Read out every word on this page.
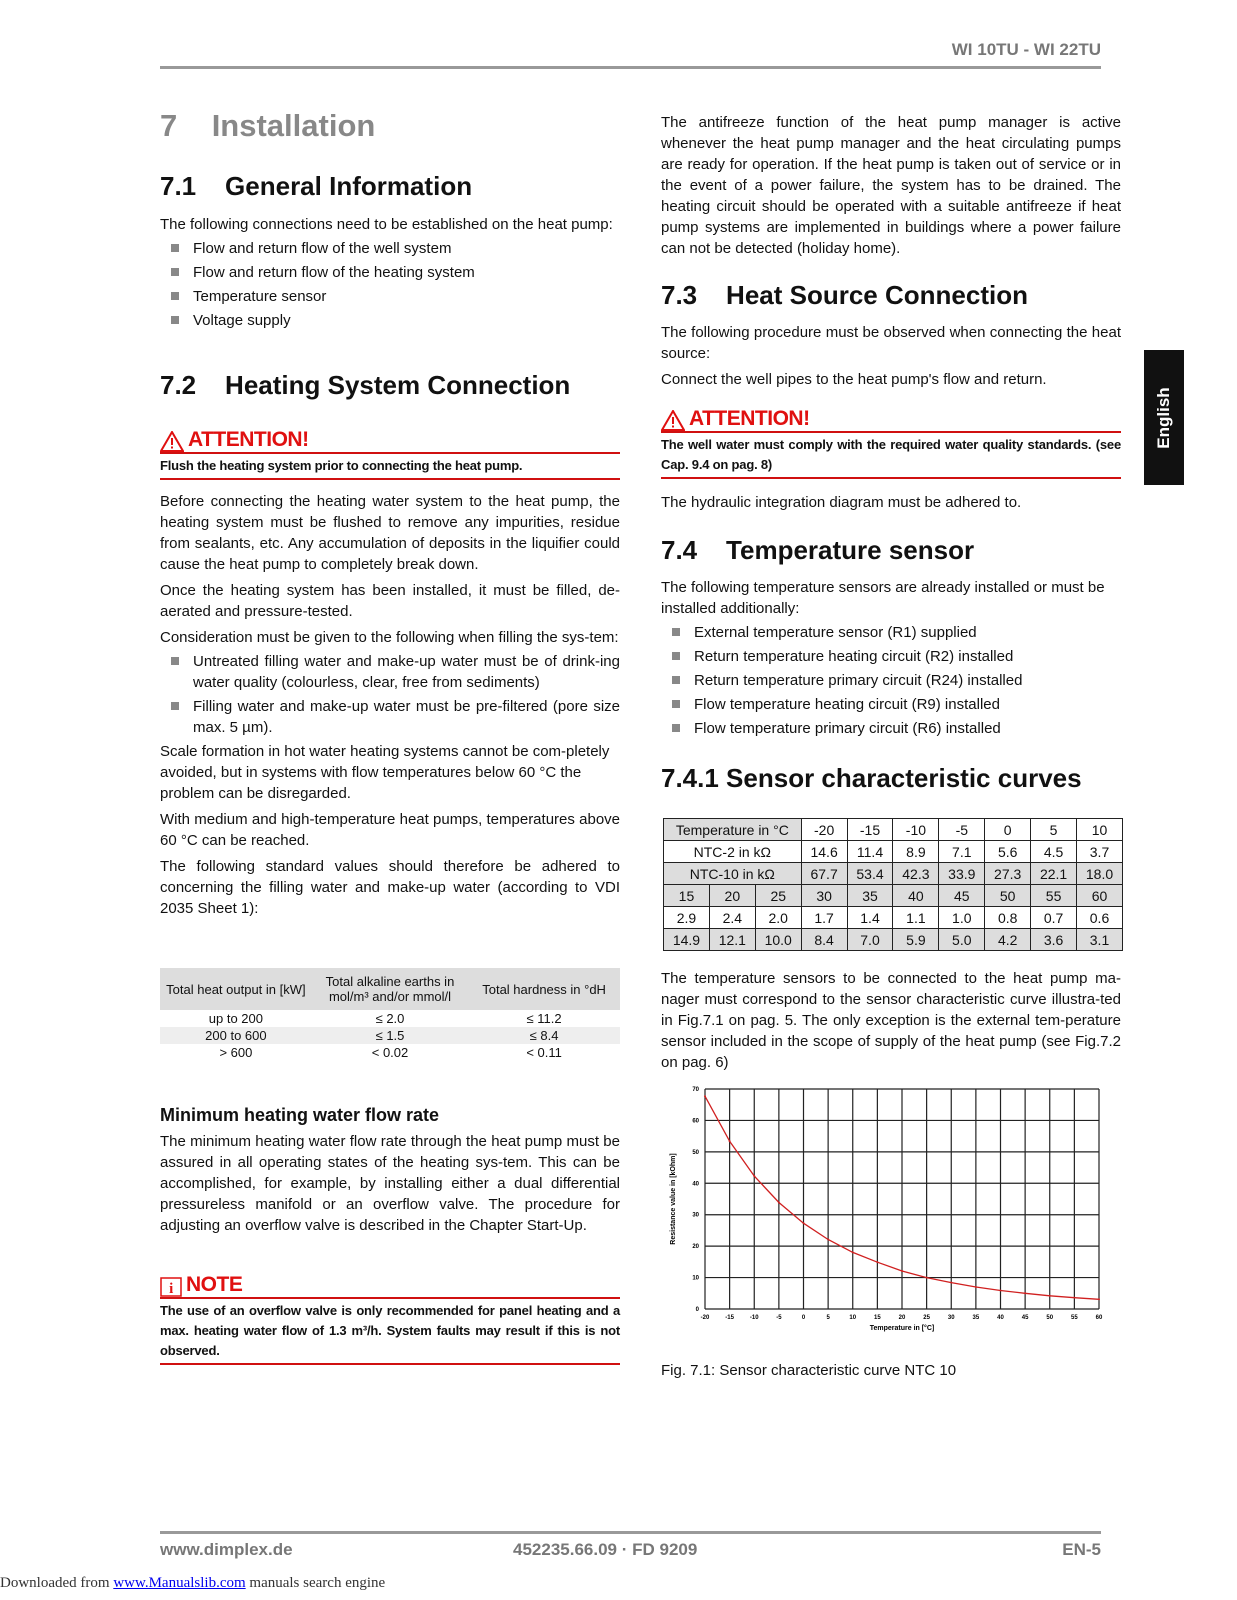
WI 10TU - WI 22TU
English
7    Installation
7.1    General Information

The following connections need to be established on the heat pump:

Flow and return flow of the well system
Flow and return flow of the heating system
Temperature sensor
Voltage supply
7.2    Heating System Connection
ATTENTION!
Flush the heating system prior to connecting the heat pump.

Before connecting the heating water system to the heat pump, the heating system must be flushed to remove any impurities, residue from sealants, etc. Any accumulation of deposits in the liquifier could cause the heat pump to completely break down.

Once the heating system has been installed, it must be filled, de-aerated and pressure-tested.

Consideration must be given to the following when filling the sys-tem:

Untreated filling water and make-up water must be of drink-ing water quality (colourless, clear, free from sediments)
Filling water and make-up water must be pre-filtered (pore size max. 5 µm).

Scale formation in hot water heating systems cannot be com-pletely avoided, but in systems with flow temperatures below 60 °C the problem can be disregarded.

With medium and high-temperature heat pumps, temperatures above 60 °C can be reached.

The following standard values should therefore be adhered to concerning the filling water and make-up water (according to VDI 2035 Sheet 1):

Total heat output in [kW]	Total alkaline earths in mol/m³ and/or mmol/l	Total hardness in °dH
up to 200	≤ 2.0	≤ 11.2
200 to 600	≤ 1.5	≤ 8.4
> 600	< 0.02	< 0.11
Minimum heating water flow rate

The minimum heating water flow rate through the heat pump must be assured in all operating states of the heating sys-tem. This can be accomplished, for example, by installing either a dual differential pressureless manifold or an overflow valve. The procedure for adjusting an overflow valve is described in the Chapter Start-Up.

i NOTE
The use of an overflow valve is only recommended for panel heating and a max. heating water flow of 1.3 m³/h. System faults may result if this is not observed.

The antifreeze function of the heat pump manager is active whenever the heat pump manager and the heat circulating pumps are ready for operation. If the heat pump is taken out of service or in the event of a power failure, the system has to be drained. The heating circuit should be operated with a suitable antifreeze if heat pump systems are implemented in buildings where a power failure can not be detected (holiday home).

7.3    Heat Source Connection

The following procedure must be observed when connecting the heat source:

Connect the well pipes to the heat pump's flow and return.

ATTENTION!
The well water must comply with the required water quality standards. (see Cap. 9.4 on pag. 8)

The hydraulic integration diagram must be adhered to.

7.4    Temperature sensor

The following temperature sensors are already installed or must be installed additionally:

External temperature sensor (R1) supplied
Return temperature heating circuit (R2) installed
Return temperature primary circuit (R24) installed
Flow temperature heating circuit (R9) installed
Flow temperature primary circuit (R6) installed
7.4.1 Sensor characteristic curves
Temperature in °C			-20	-15	-10	-5	0	5	10
NTC-2 in kΩ			14.6	11.4	8.9	7.1	5.6	4.5	3.7
NTC-10 in kΩ			67.7	53.4	42.3	33.9	27.3	22.1	18.0
15	20	25	30	35	40	45	50	55	60
2.9	2.4	2.0	1.7	1.4	1.1	1.0	0.8	0.7	0.6
14.9	12.1	10.0	8.4	7.0	5.9	5.0	4.2	3.6	3.1

The temperature sensors to be connected to the heat pump ma-nager must correspond to the sensor characteristic curve illustra-ted in Fig.7.1 on pag. 5. The only exception is the external tem-perature sensor included in the scope of supply of the heat pump (see Fig.7.2 on pag. 6)

-20	-15	-10	-5	0	5	10	15	20	25	30	35	40	45	50	55	60
0
10
20
30
40
50
60
70
Temperature in [°C]
Resistance value in [kOhm]
Fig. 7.1: Sensor characteristic curve NTC 10
www.dimplex.de	452235.66.09 · FD 9209	EN-5
Downloaded from www.Manualslib.com manuals search engine
